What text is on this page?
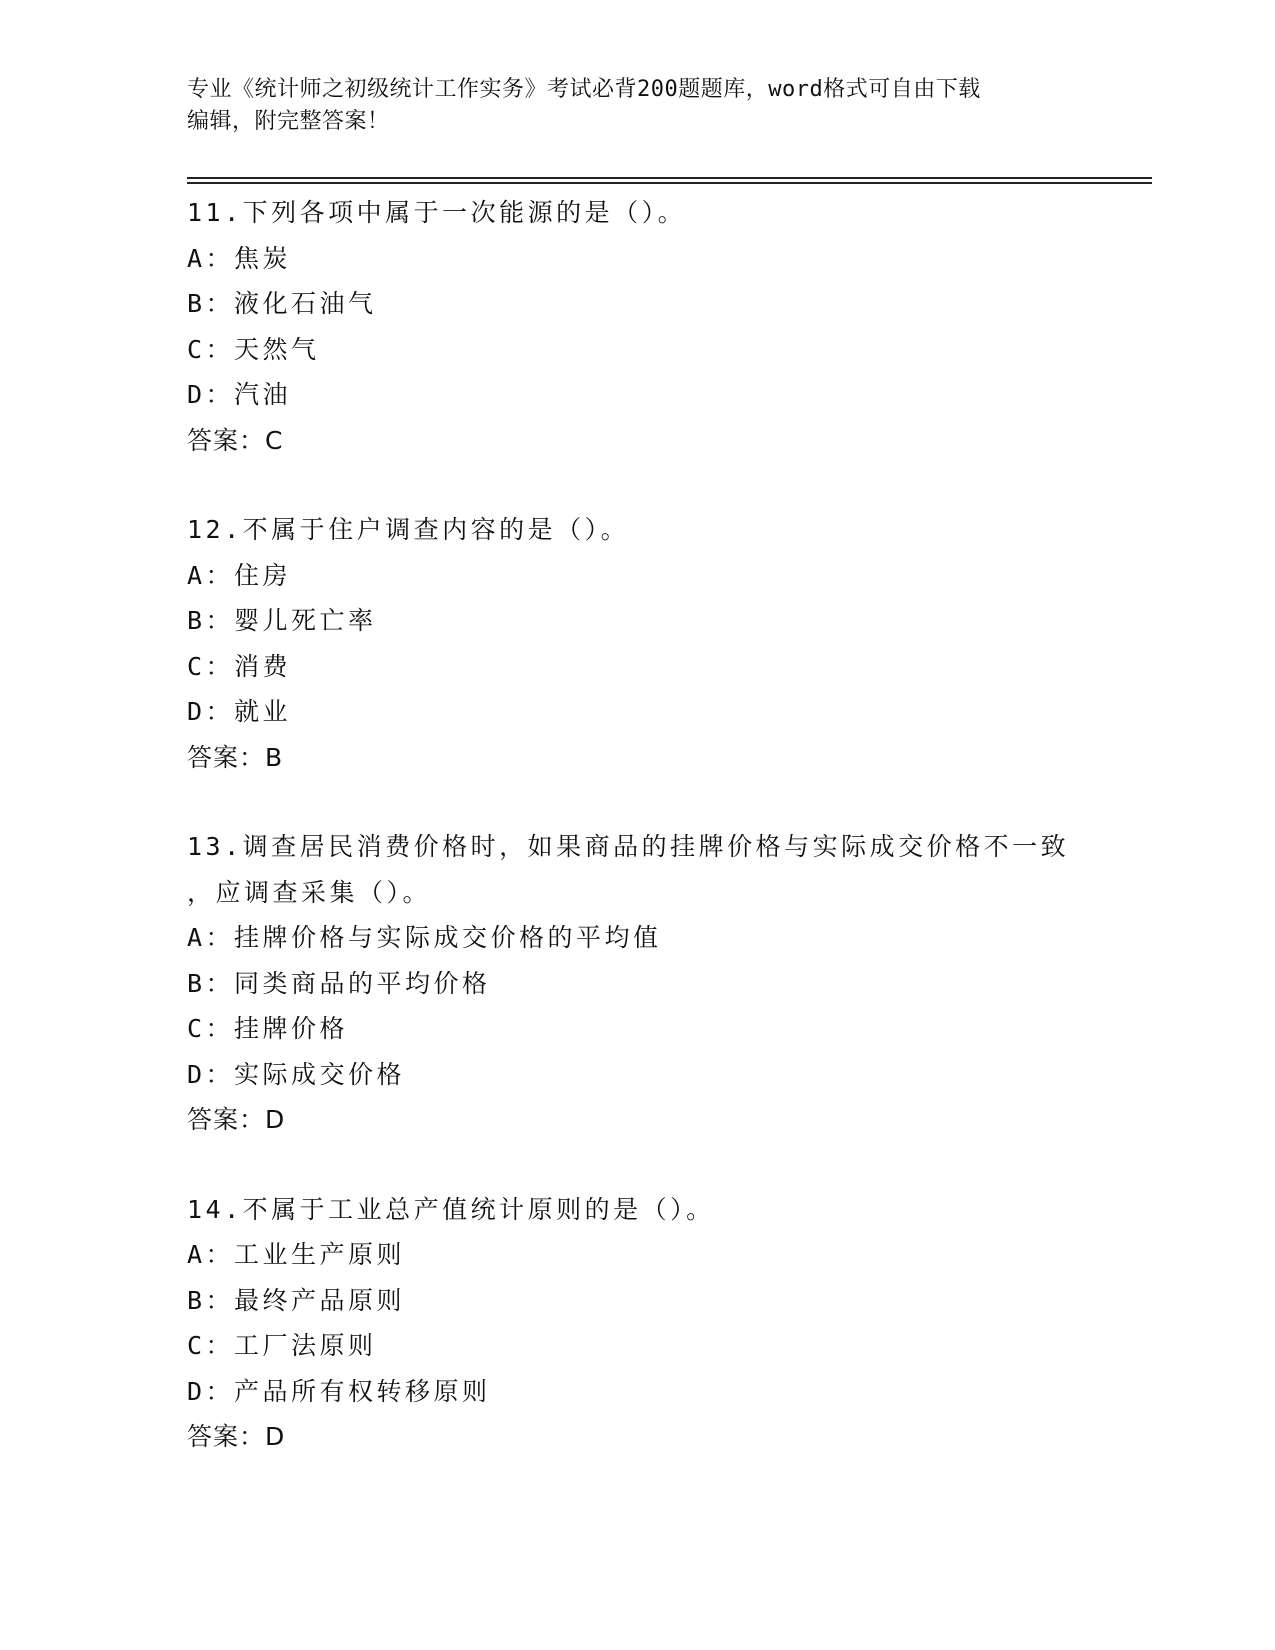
专业《统计师之初级统计工作实务》考试必背200题题库，word格式可自由下载
编辑，附完整答案！
11.下列各项中属于一次能源的是（）。
A：焦炭
B：液化石油气
C：天然气
D：汽油
答案：C
12.不属于住户调查内容的是（）。
A：住房
B：婴儿死亡率
C：消费
D：就业
答案：B
13.调查居民消费价格时，如果商品的挂牌价格与实际成交价格不一致
，应调查采集（）。
A：挂牌价格与实际成交价格的平均值
B：同类商品的平均价格
C：挂牌价格
D：实际成交价格
答案：D
14.不属于工业总产值统计原则的是（）。
A：工业生产原则
B：最终产品原则
C：工厂法原则
D：产品所有权转移原则
答案：D
